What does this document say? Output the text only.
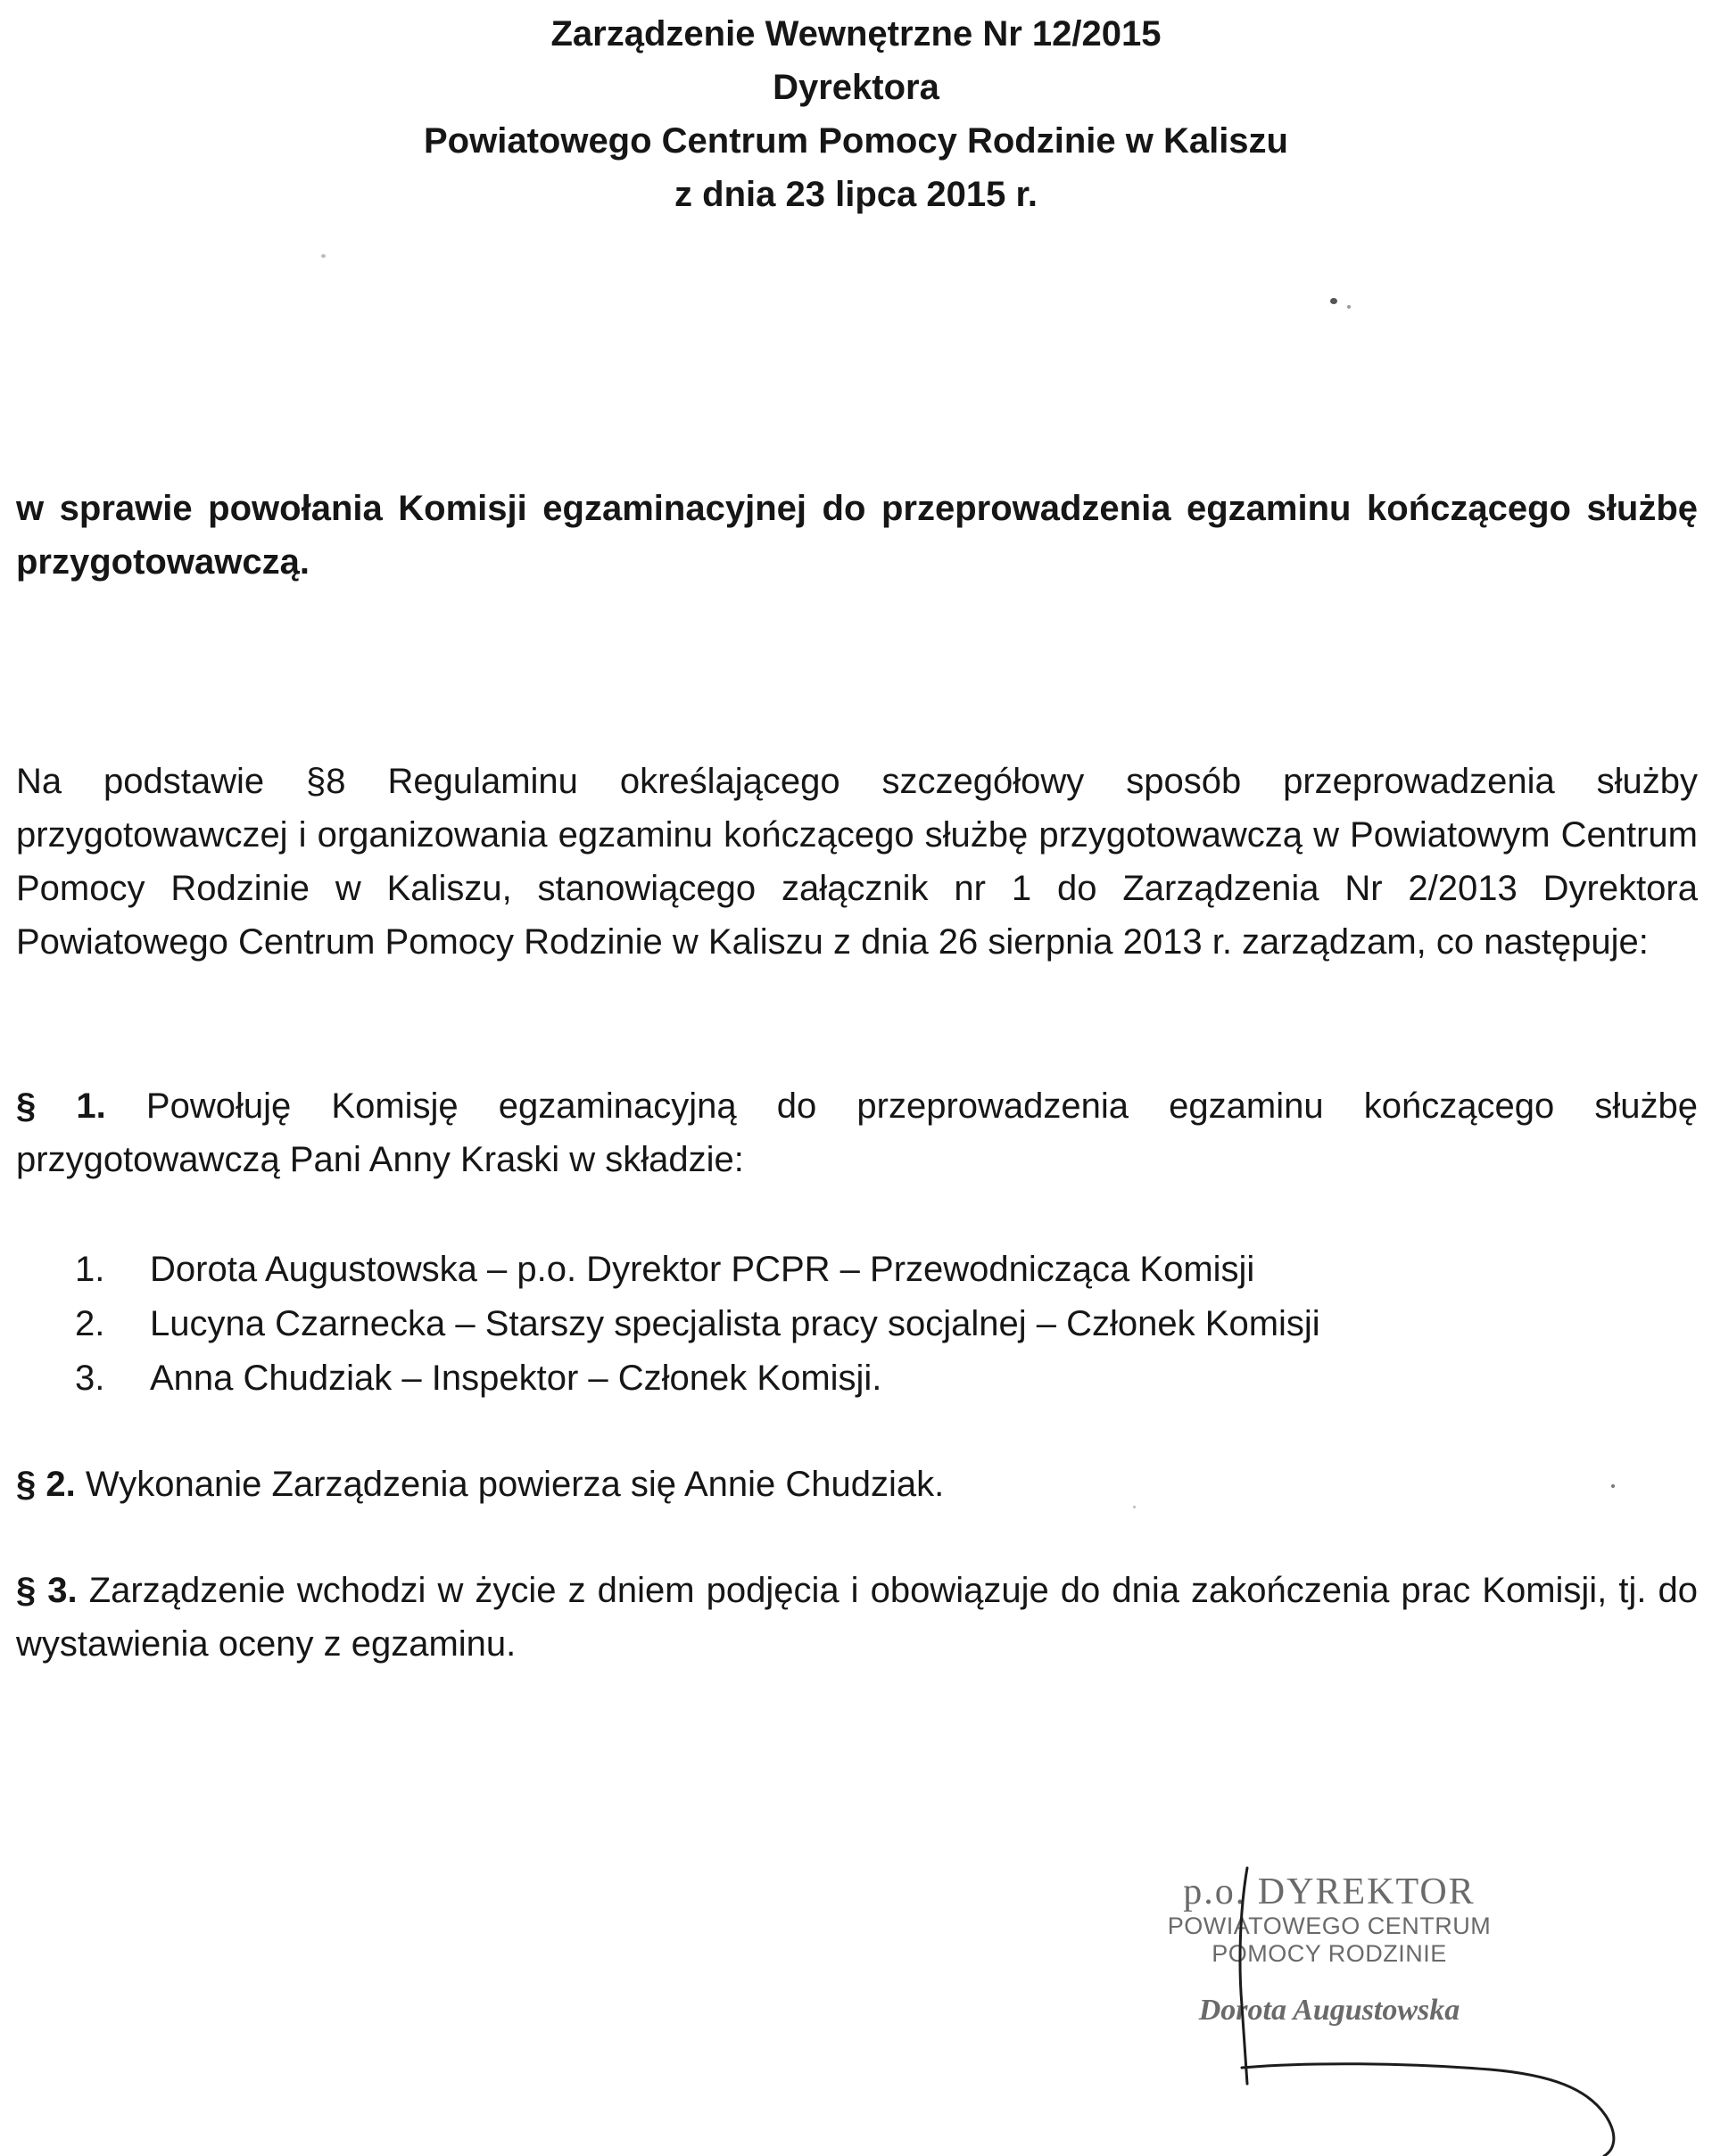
Zarządzenie Wewnętrzne Nr 12/2015
Dyrektora
Powiatowego Centrum Pomocy Rodzinie w Kaliszu
z dnia 23 lipca 2015 r.
w sprawie powołania Komisji egzaminacyjnej do przeprowadzenia egzaminu kończącego służbę przygotowawczą.
Na podstawie §8 Regulaminu określającego szczegółowy sposób przeprowadzenia służby przygotowawczej i organizowania egzaminu kończącego służbę przygotowawczą w Powiatowym Centrum Pomocy Rodzinie w Kaliszu, stanowiącego załącznik nr 1 do Zarządzenia Nr 2/2013 Dyrektora Powiatowego Centrum Pomocy Rodzinie w Kaliszu z dnia 26 sierpnia 2013 r. zarządzam, co następuje:
§ 1. Powołuję Komisję egzaminacyjną do przeprowadzenia egzaminu kończącego służbę przygotowawczą Pani Anny Kraski w składzie:
1.	Dorota Augustowska – p.o. Dyrektor PCPR – Przewodnicząca Komisji
2.	Lucyna Czarnecka – Starszy specjalista pracy socjalnej – Członek Komisji
3.	Anna Chudziak – Inspektor – Członek Komisji.
§ 2. Wykonanie Zarządzenia powierza się Annie Chudziak.
§ 3. Zarządzenie wchodzi w życie z dniem podjęcia i obowiązuje do dnia zakończenia prac Komisji, tj. do wystawienia oceny z egzaminu.
p.o. DYREKTOR
POWIATOWEGO CENTRUM
POMOCY RODZINIE
Dorota Augustowska
